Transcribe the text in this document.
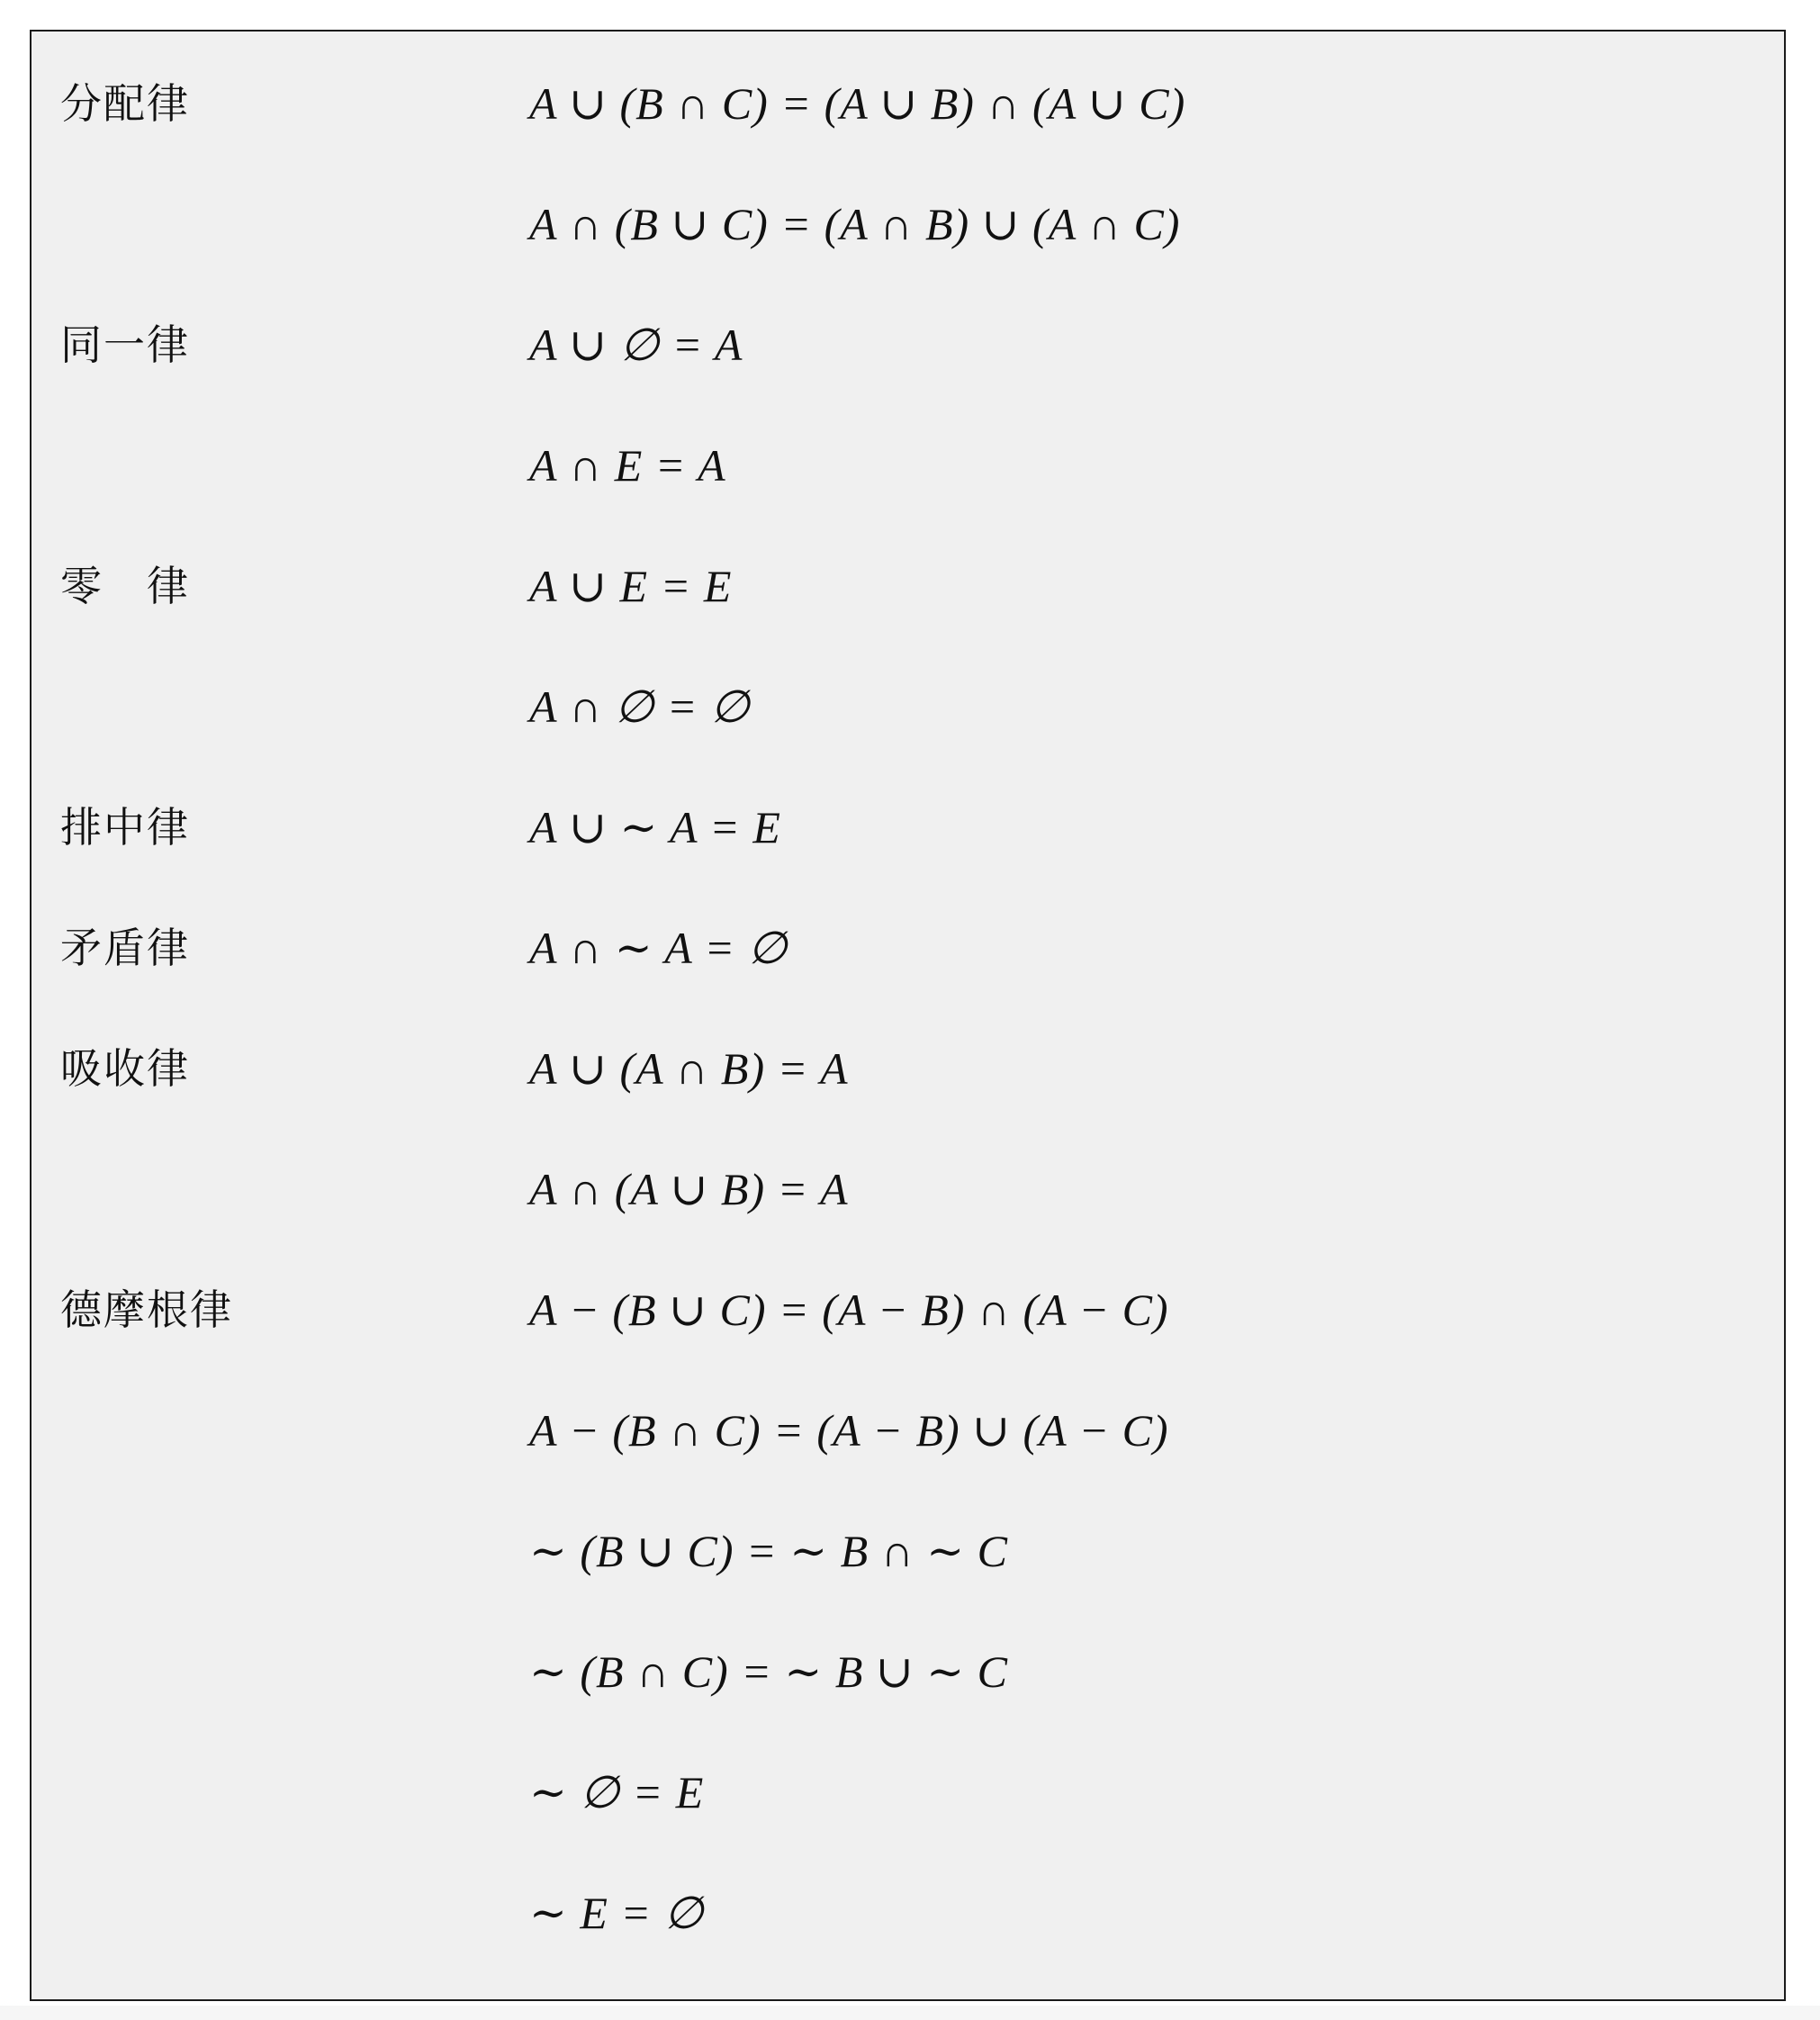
分配律	A ∪ (B ∩ C) = (A ∪ B) ∩ (A ∪ C)
A ∩ (B ∪ C) = (A ∩ B) ∪ (A ∩ C)
同一律	A ∪ ∅ = A
A ∩ E = A
零　律	A ∪ E = E
A ∩ ∅ = ∅
排中律	A ∪ ∼ A = E
矛盾律	A ∩ ∼ A = ∅
吸收律	A ∪ (A ∩ B) = A
A ∩ (A ∪ B) = A
德摩根律	A − (B ∪ C) = (A − B) ∩ (A − C)
A − (B ∩ C) = (A − B) ∪ (A − C)
∼ (B ∪ C) = ∼ B ∩ ∼ C
∼ (B ∩ C) = ∼ B ∪ ∼ C
∼ ∅ = E
∼ E = ∅
